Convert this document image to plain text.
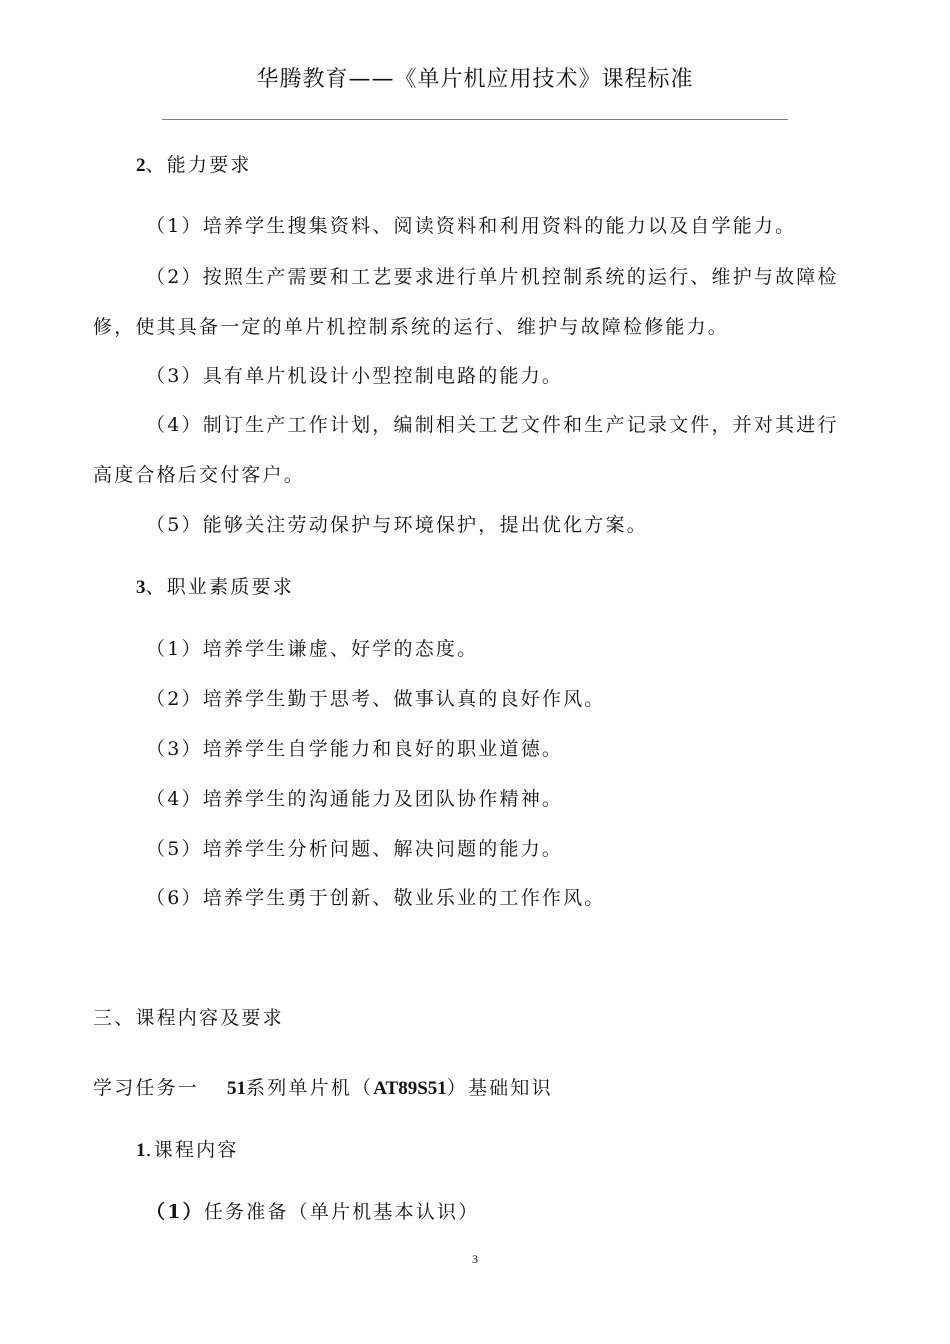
华腾教育——《单片机应用技术》课程标准
2、能力要求
（1）培养学生搜集资料、阅读资料和利用资料的能力以及自学能力。
（2）按照生产需要和工艺要求进行单片机控制系统的运行、维护与故障检
修，使其具备一定的单片机控制系统的运行、维护与故障检修能力。
（3）具有单片机设计小型控制电路的能力。
（4）制订生产工作计划，编制相关工艺文件和生产记录文件，并对其进行
高度合格后交付客户。
（5）能够关注劳动保护与环境保护，提出优化方案。
3、职业素质要求
（1）培养学生谦虚、好学的态度。
（2）培养学生勤于思考、做事认真的良好作风。
（3）培养学生自学能力和良好的职业道德。
（4）培养学生的沟通能力及团队协作精神。
（5）培养学生分析问题、解决问题的能力。
（6）培养学生勇于创新、敬业乐业的工作作风。
三、课程内容及要求
学习任务一 51系列单片机（AT89S51）基础知识
1.课程内容
（1）任务准备（单片机基本认识）
3
